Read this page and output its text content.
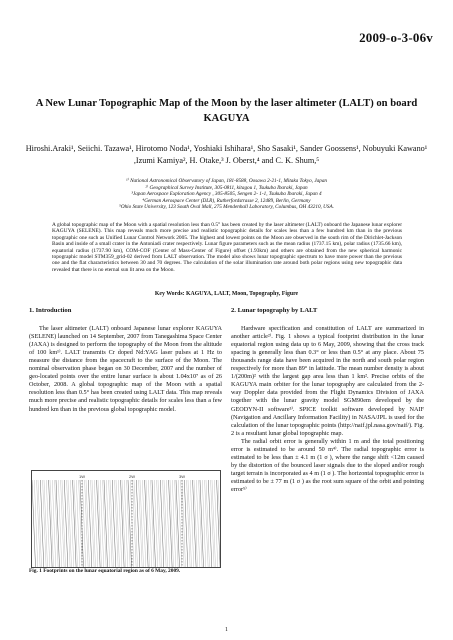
2009-o-3-06v
A New Lunar Topographic Map of the Moon by the laser altimeter (LALT) on board KAGUYA
Hiroshi.Araki¹, Seiichi. Tazawa¹, Hirotomo Noda¹, Yoshiaki Ishihara¹, Sho Sasaki¹, Sander Goossens¹, Nobuyuki Kawano¹ ,Izumi Kamiya², H. Otake,³ J. Oberst,⁴ and C. K. Shum,⁵
¹⁾ National Astronomical Observatory of Japan, 181-8588, Oosawa 2-21-1, Mitaka Tokyo, Japan
²⁾ Geographical Survey Institute, 305-0811, kitagou 1, Tsukuba Ibaraki, Japan
³Japan Aerospace Exploration Agency , 305-8505, Sengen 2- 1-1, Tsukuba Ibaraki, Japan 4
⁴German Aerospace Center (DLR), Rutherfordstrasse 2, 12489, Berlin, Germany
⁵Ohio State University, 123 South Oval Mall, 275 Mendenhall Laboratory, Columbus, OH 43210, USA.
A global topographic map of the Moon with a spatial resolution less than 0.5° has been created by the laser altimeter (LALT) onboard the Japanese lunar explorer KAGUYA (SELENE). This map reveals much more precise and realistic topographic details for scales less than a few hundred km than in the previous topographic one such as Unified Lunar Control Network 2005. The highest and lowest points on the Moon are observed in the south rim of the Dirichlet-Jackson Basin and inside of a small crater in the Antoniadi crater respectively. Lunar figure parameters such as the mean radius (1737.15 km), polar radius (1735.66 km), equatorial radius (1737.90 km), COM-COF (Center of Mass-Center of Figure) offset (1.93km) and others are obtained from the new spherical harmonic topographic model STM359_grid-02 derived from LALT observation. The model also shows lunar topographic spectrum to have more power than the previous one and the flat characteristics between 30 and 70 degrees. The calculation of the solar illumination rate around both polar regions using new topographic data revealed that there is no eternal sun lit area on the Moon.
Key Words: KAGUYA, LALT, Moon, Topography, Figure
1. Introduction

The laser altimeter (LALT) onboard Japanese lunar explorer KAGUYA (SELENE) launched on 14 September, 2007 from Tanegashima Space Center (JAXA) is designed to perform the topography of the Moon from the altitude of 100 km¹⁾. LALT transmits Cr doped Nd:YAG laser pulses at 1 Hz to measure the distance from the spacecraft to the surface of the Moon. The nominal observation phase began on 30 December, 2007 and the number of geo-located points over the entire lunar surface is about 1.04x10⁷ as of 26 October, 2008. A global topographic map of the Moon with a spatial resolution less than 0.5° has been created using LALT data. This map reveals much more precise and realistic topographic details for scales less than a few hundred km than in the previous global topographic model.

1W	2W	3W
Fig. 1 Footprints on the lunar equatorial region as of 6 May, 2009.
2. Lunar topography by LALT

Hardware specification and constitution of LALT are summarized in another article²⁾. Fig. 1 shows a typical footprint distribution in the lunar equatorial region using data up to 6 May, 2009, showing that the cross track spacing is generally less than 0.3° or less than 0.5° at any place. About 75 thousands range data have been acquired in the north and south polar region respectively for more than 89° in latitude. The mean number density is about 1/(200m)² with the largest gap area less than 1 km². Precise orbits of the KAGUYA main orbiter for the lunar topography are calculated from the 2-way Doppler data provided from the Flight Dynamics Division of JAXA together with the lunar gravity model SGM90em developed by the GEODYN-II software³⁾. SPICE toolkit software developed by NAIF (Navigation and Ancillary Information Facility) in NASA/JPL is used for the calculation of the lunar topographic points (http://naif.jpl.nasa.gov/naif/). Fig. 2 is a resultant lunar global topographic map.

The radial orbit error is generally within 1 m and the total positioning error is estimated to be around 50 m⁴⁾. The radial topographic error is estimated to be less than ± 4.1 m (1 σ ), where the range shift <12m caused by the distortion of the bounced laser signals due to the sloped and/or rough target terrain is incorporated as 4 m (1 σ ). The horizontal topographic error is estimated to be ± 77 m (1 σ ) as the root sum square of the orbit and pointing error⁵⁾

1
